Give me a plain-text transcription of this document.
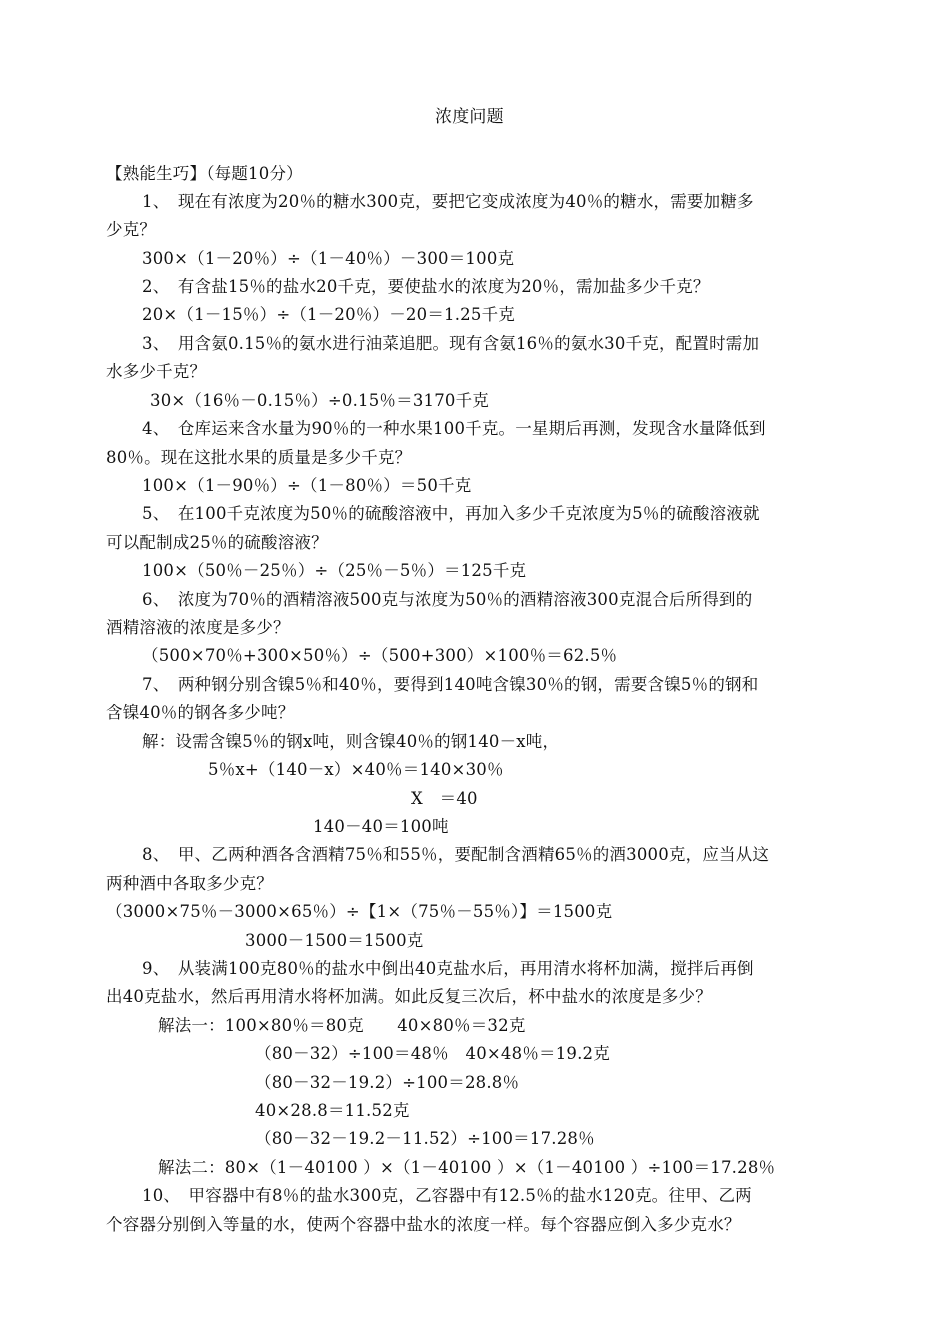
浓度问题
【熟能生巧】（每题10分）
1、　现在有浓度为20％的糖水300克，要把它变成浓度为40％的糖水，需要加糖多
少克？
300×（1－20％）÷（1－40％）－300＝100克
2、　有含盐15％的盐水20千克，要使盐水的浓度为20％，需加盐多少千克？
20×（1－15％）÷（1－20％）－20＝1.25千克
3、　用含氨0.15％的氨水进行油菜追肥。现有含氨16％的氨水30千克，配置时需加
水多少千克？
30×（16％－0.15％）÷0.15％＝3170千克
4、　仓库运来含水量为90％的一种水果100千克。一星期后再测，发现含水量降低到
80％。现在这批水果的质量是多少千克？
100×（1－90％）÷（1－80％）＝50千克
5、　在100千克浓度为50％的硫酸溶液中，再加入多少千克浓度为5％的硫酸溶液就
可以配制成25％的硫酸溶液？
100×（50％－25％）÷（25％－5％）＝125千克
6、　浓度为70％的酒精溶液500克与浓度为50％的酒精溶液300克混合后所得到的
酒精溶液的浓度是多少？
（500×70％+300×50％）÷（500+300）×100％＝62.5％
7、　两种钢分别含镍5％和40％，要得到140吨含镍30％的钢，需要含镍5％的钢和
含镍40％的钢各多少吨？
解：设需含镍5％的钢x吨，则含镍40％的钢140－x吨，
5％x+（140－x）×40％＝140×30％
X　＝40
140－40＝100吨
8、　甲、乙两种酒各含酒精75％和55％，要配制含酒精65％的酒3000克，应当从这
两种酒中各取多少克？
（3000×75％－3000×65％）÷【1×（75％－55％）】＝1500克
3000－1500＝1500克
9、　从装满100克80％的盐水中倒出40克盐水后，再用清水将杯加满，搅拌后再倒
出40克盐水，然后再用清水将杯加满。如此反复三次后，杯中盐水的浓度是多少？
解法一：100×80％＝80克　　40×80％＝32克
（80－32）÷100＝48％　40×48％＝19.2克
（80－32－19.2）÷100＝28.8％
40×28.8＝11.52克
（80－32－19.2－11.52）÷100＝17.28％
解法二：80×（1－40100 ）×（1－40100 ）×（1－40100 ）÷100＝17.28％
10、　甲容器中有8％的盐水300克，乙容器中有12.5％的盐水120克。往甲、乙两
个容器分别倒入等量的水，使两个容器中盐水的浓度一样。每个容器应倒入多少克水？
